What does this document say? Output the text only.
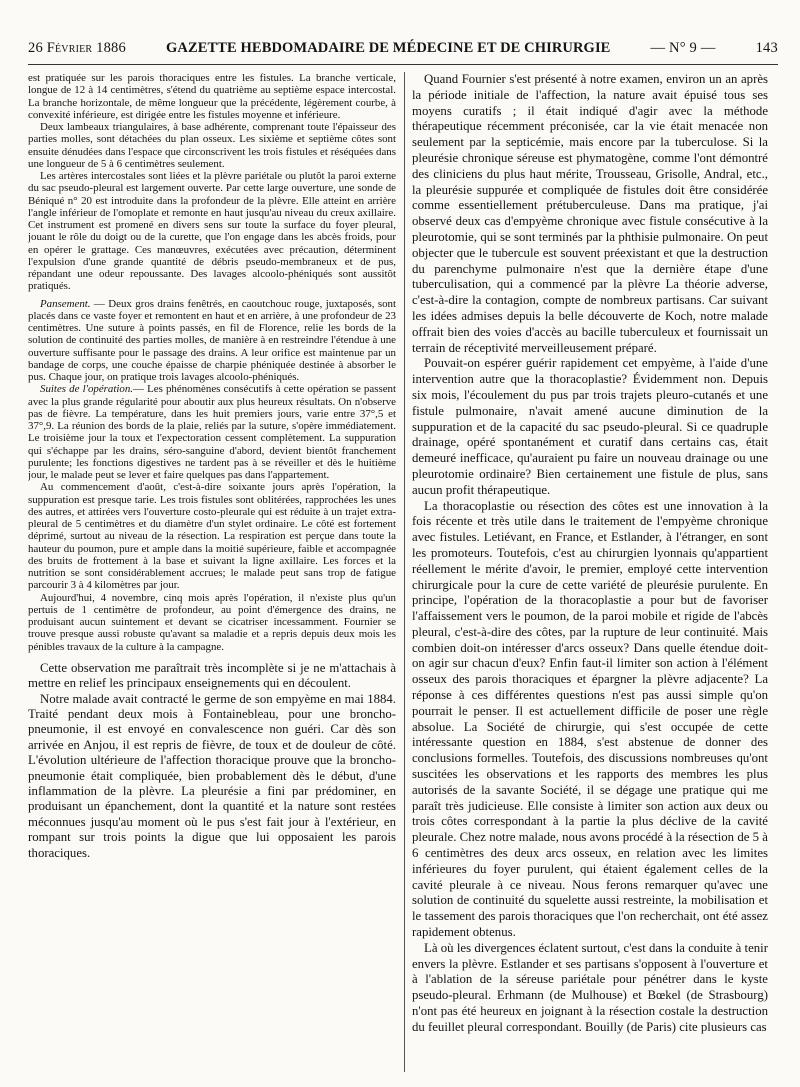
26 Février 1886	GAZETTE HEBDOMADAIRE DE MÉDECINE ET DE CHIRURGIE	— N° 9 —	143

est pratiquée sur les parois thoraciques entre les fistules. La branche verticale, longue de 12 à 14 centimètres, s'étend du quatrième au septième espace intercostal. La branche horizontale, de même longueur que la précédente, légèrement courbe, à convexité inférieure, est dirigée entre les fistules moyenne et inférieure.

Deux lambeaux triangulaires, à base adhérente, comprenant toute l'épaisseur des parties molles, sont détachées du plan osseux. Les sixième et septième côtes sont ensuite dénudées dans l'espace que circonscrivent les trois fistules et réséquées dans une longueur de 5 à 6 centimètres seulement.

Les artères intercostales sont liées et la plèvre pariétale ou plutôt la paroi externe du sac pseudo-pleural est largement ouverte. Par cette large ouverture, une sonde de Béniqué n° 20 est introduite dans la profondeur de la plèvre. Elle atteint en arrière l'angle inférieur de l'omoplate et remonte en haut jusqu'au niveau du creux axillaire. Cet instrument est promené en divers sens sur toute la surface du foyer pleural, jouant le rôle du doigt ou de la curette, que l'on engage dans les abcès froids, pour en opérer le grattage. Ces manœuvres, exécutées avec précaution, déterminent l'expulsion d'une grande quantité de débris pseudo-membraneux et de pus, répandant une odeur repoussante. Des lavages alcoolo-phéniqués sont aussitôt pratiqués.

Pansement. — Deux gros drains fenêtrés, en caoutchouc rouge, juxtaposés, sont placés dans ce vaste foyer et remontent en haut et en arrière, à une profondeur de 23 centimètres. Une suture à points passés, en fil de Florence, relie les bords de la solution de continuité des parties molles, de manière à en restreindre l'étendue à une ouverture suffisante pour le passage des drains. A leur orifice est maintenue par un bandage de corps, une couche épaisse de charpie phéniquée destinée à absorber le pus. Chaque jour, on pratique trois lavages alcoolo-phéniqués.

Suites de l'opération.— Les phénomènes consécutifs à cette opération se passent avec la plus grande régularité pour aboutir aux plus heureux résultats. On n'observe pas de fièvre. La température, dans les huit premiers jours, varie entre 37°,5 et 37°,9. La réunion des bords de la plaie, reliés par la suture, s'opère immédiatement. Le troisième jour la toux et l'expectoration cessent complètement. La suppuration qui s'échappe par les drains, séro-sanguine d'abord, devient bientôt franchement purulente; les fonctions digestives ne tardent pas à se réveiller et dès le huitième jour, le malade peut se lever et faire quelques pas dans l'appartement.

Au commencement d'août, c'est-à-dire soixante jours après l'opération, la suppuration est presque tarie. Les trois fistules sont oblitérées, rapprochées les unes des autres, et attirées vers l'ouverture costo-pleurale qui est réduite à un trajet extra-pleural de 5 centimètres et du diamètre d'un stylet ordinaire. Le côté est fortement déprimé, surtout au niveau de la résection. La respiration est perçue dans toute la hauteur du poumon, pure et ample dans la moitié supérieure, faible et accompagnée des bruits de frottement à la base et suivant la ligne axillaire. Les forces et la nutrition se sont considérablement accrues; le malade peut sans trop de fatigue parcourir 3 à 4 kilomètres par jour.

Aujourd'hui, 4 novembre, cinq mois après l'opération, il n'existe plus qu'un pertuis de 1 centimètre de profondeur, au point d'émergence des drains, ne produisant aucun suintement et devant se cicatriser incessamment. Fournier se trouve presque aussi robuste qu'avant sa maladie et a repris depuis deux mois les pénibles travaux de la culture à la campagne.

Cette observation me paraîtrait très incomplète si je ne m'attachais à mettre en relief les principaux enseignements qui en découlent.

Notre malade avait contracté le germe de son empyème en mai 1884. Traité pendant deux mois à Fontainebleau, pour une broncho-pneumonie, il est envoyé en convalescence non guéri. Car dès son arrivée en Anjou, il est repris de fièvre, de toux et de douleur de côté. L'évolution ultérieure de l'affection thoracique prouve que la broncho-pneumonie était compliquée, bien probablement dès le début, d'une inflammation de la plèvre. La pleurésie a fini par prédominer, en produisant un épanchement, dont la quantité et la nature sont restées méconnues jusqu'au moment où le pus s'est fait jour à l'extérieur, en rompant sur trois points la digue que lui opposaient les parois thoraciques.

Quand Fournier s'est présenté à notre examen, environ un an après la période initiale de l'affection, la nature avait épuisé tous ses moyens curatifs ; il était indiqué d'agir avec la méthode thérapeutique récemment préconisée, car la vie était menacée non seulement par la septicémie, mais encore par la tuberculose. Si la pleurésie chronique séreuse est phymatogène, comme l'ont démontré des cliniciens du plus haut mérite, Trousseau, Grisolle, Andral, etc., la pleurésie suppurée et compliquée de fistules doit être considérée comme essentiellement prétuberculeuse. Dans ma pratique, j'ai observé deux cas d'empyème chronique avec fistule consécutive à la pleurotomie, qui se sont terminés par la phthisie pulmonaire. On peut objecter que le tubercule est souvent préexistant et que la destruction du parenchyme pulmonaire n'est que la dernière étape d'une tuberculisation, qui a commencé par la plèvre La théorie adverse, c'est-à-dire la contagion, compte de nombreux partisans. Car suivant les idées admises depuis la belle découverte de Koch, notre malade offrait bien des voies d'accès au bacille tuberculeux et fournissait un terrain de réceptivité merveilleusement préparé.

Pouvait-on espérer guérir rapidement cet empyème, à l'aide d'une intervention autre que la thoracoplastie? Évidemment non. Depuis six mois, l'écoulement du pus par trois trajets pleuro-cutanés et une fistule pulmonaire, n'avait amené aucune diminution de la suppuration et de la capacité du sac pseudo-pleural. Si ce quadruple drainage, opéré spontanément et curatif dans certains cas, était demeuré inefficace, qu'auraient pu faire un nouveau drainage ou une pleurotomie ordinaire? Bien certainement une fistule de plus, sans aucun profit thérapeutique.

La thoracoplastie ou résection des côtes est une innovation à la fois récente et très utile dans le traitement de l'empyème chronique avec fistules. Letiévant, en France, et Estlander, à l'étranger, en sont les promoteurs. Toutefois, c'est au chirurgien lyonnais qu'appartient réellement le mérite d'avoir, le premier, employé cette intervention chirurgicale pour la cure de cette variété de pleurésie purulente. En principe, l'opération de la thoracoplastie a pour but de favoriser l'affaissement vers le poumon, de la paroi mobile et rigide de l'abcès pleural, c'est-à-dire des côtes, par la rupture de leur continuité. Mais combien doit-on intéresser d'arcs osseux? Dans quelle étendue doit-on agir sur chacun d'eux? Enfin faut-il limiter son action à l'élément osseux des parois thoraciques et épargner la plèvre adjacente? La réponse à ces différentes questions n'est pas aussi simple qu'on pourrait le penser. Il est actuellement difficile de poser une règle absolue. La Société de chirurgie, qui s'est occupée de cette intéressante question en 1884, s'est abstenue de donner des conclusions formelles. Toutefois, des discussions nombreuses qu'ont suscitées les observations et les rapports des membres les plus autorisés de la savante Société, il se dégage une pratique qui me paraît très judicieuse. Elle consiste à limiter son action aux deux ou trois côtes correspondant à la partie la plus déclive de la cavité pleurale. Chez notre malade, nous avons procédé à la résection de 5 à 6 centimètres des deux arcs osseux, en relation avec les limites inférieures du foyer purulent, qui étaient également celles de la cavité pleurale à ce niveau. Nous ferons remarquer qu'avec une solution de continuité du squelette aussi restreinte, la mobilisation et le tassement des parois thoraciques que l'on recherchait, ont été assez rapidement obtenus.

Là où les divergences éclatent surtout, c'est dans la conduite à tenir envers la plèvre. Estlander et ses partisans s'opposent à l'ouverture et à l'ablation de la séreuse pariétale pour pénétrer dans le kyste pseudo-pleural. Erhmann (de Mulhouse) et Bœkel (de Strasbourg) n'ont pas été heureux en joignant à la résection costale la destruction du feuillet pleural correspondant. Bouilly (de Paris) cite plusieurs cas
